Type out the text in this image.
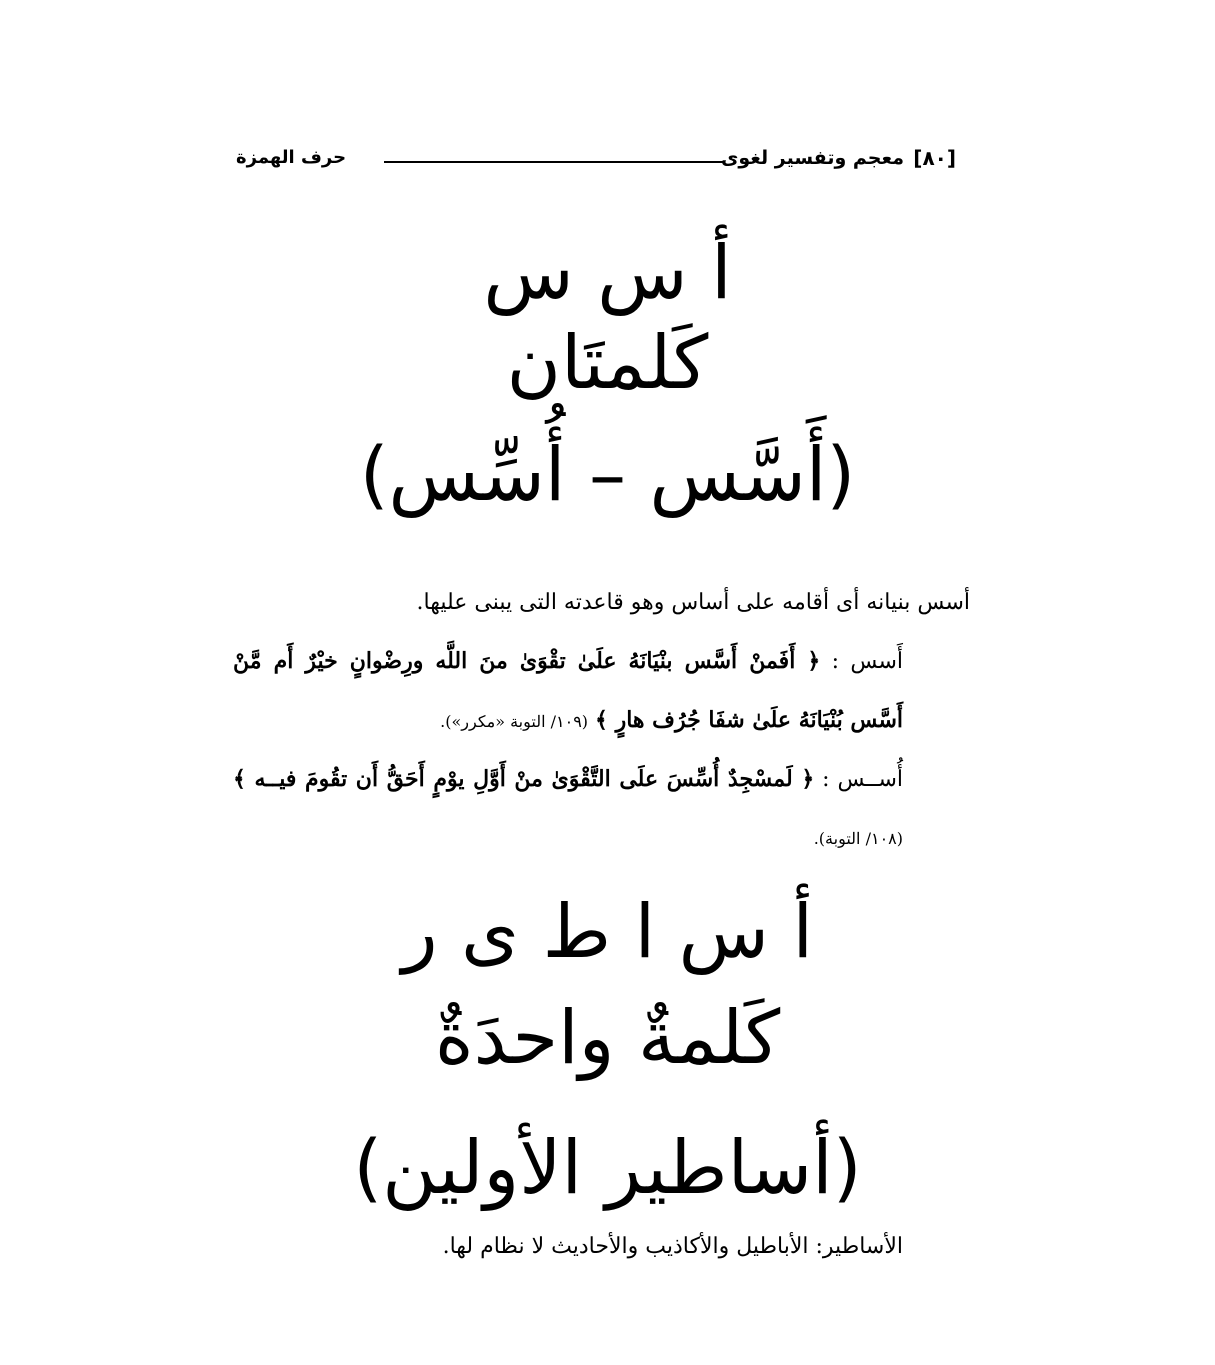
[٨٠]
معجم وتفسير لغوى
حرف الهمزة
أ س س
كَلمتَان
(أَسَّس – أُسِّس)
أسس بنيانه أى أقامه على أساس وهو قاعدته التى يبنى عليها.
أَسس : ﴿ أَفَمنْ أَسَّس بنْيَانَهُ علَىٰ تقْوَىٰ منَ اللَّه ورِضْوانٍ خيْرٌ أَم مَّنْ أَسَّس بُنْيَانَهُ علَىٰ شفَا جُرُف هارٍ ﴾ (١٠٩/ التوبة «مكرر»).
أُســس : ﴿ لَمسْجِدٌ أُسِّسَ علَى التَّقْوَىٰ منْ أَوَّلِ يوْمٍ أَحَقُّ أَن تقُومَ فيــه ﴾ (١٠٨/ التوبة).
أ س ا ط ى ر
كَلمةٌ واحدَةٌ
(أساطير الأولين)
الأساطير: الأباطيل والأكاذيب والأحاديث لا نظام لها.
